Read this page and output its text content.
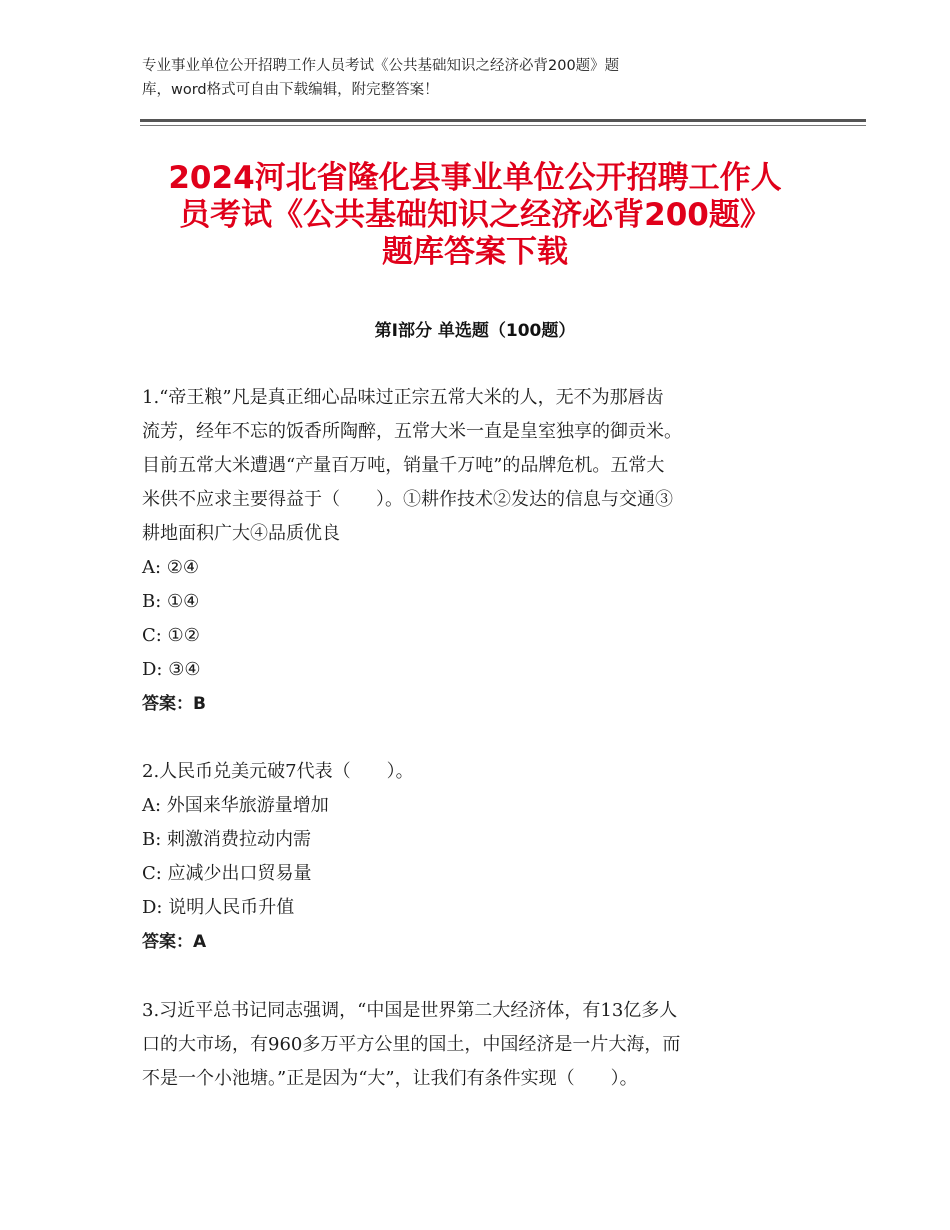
专业事业单位公开招聘工作人员考试《公共基础知识之经济必背200题》题
库，word格式可自由下载编辑，附完整答案！
2024河北省隆化县事业单位公开招聘工作人
员考试《公共基础知识之经济必背200题》
题库答案下载
第I部分 单选题（100题）
1.“帝王粮”凡是真正细心品味过正宗五常大米的人，无不为那唇齿
流芳，经年不忘的饭香所陶醉，五常大米一直是皇室独享的御贡米。
目前五常大米遭遇“产量百万吨，销量千万吨”的品牌危机。五常大
米供不应求主要得益于（　　）。①耕作技术②发达的信息与交通③
耕地面积广大④品质优良
A: ②④
B: ①④
C: ①②
D: ③④
答案：B
2.人民币兑美元破7代表（　　）。
A: 外国来华旅游量增加
B: 刺激消费拉动内需
C: 应减少出口贸易量
D: 说明人民币升值
答案：A
3.习近平总书记同志强调，“中国是世界第二大经济体，有13亿多人
口的大市场，有960多万平方公里的国土，中国经济是一片大海，而
不是一个小池塘。”正是因为“大”，让我们有条件实现（　　）。
